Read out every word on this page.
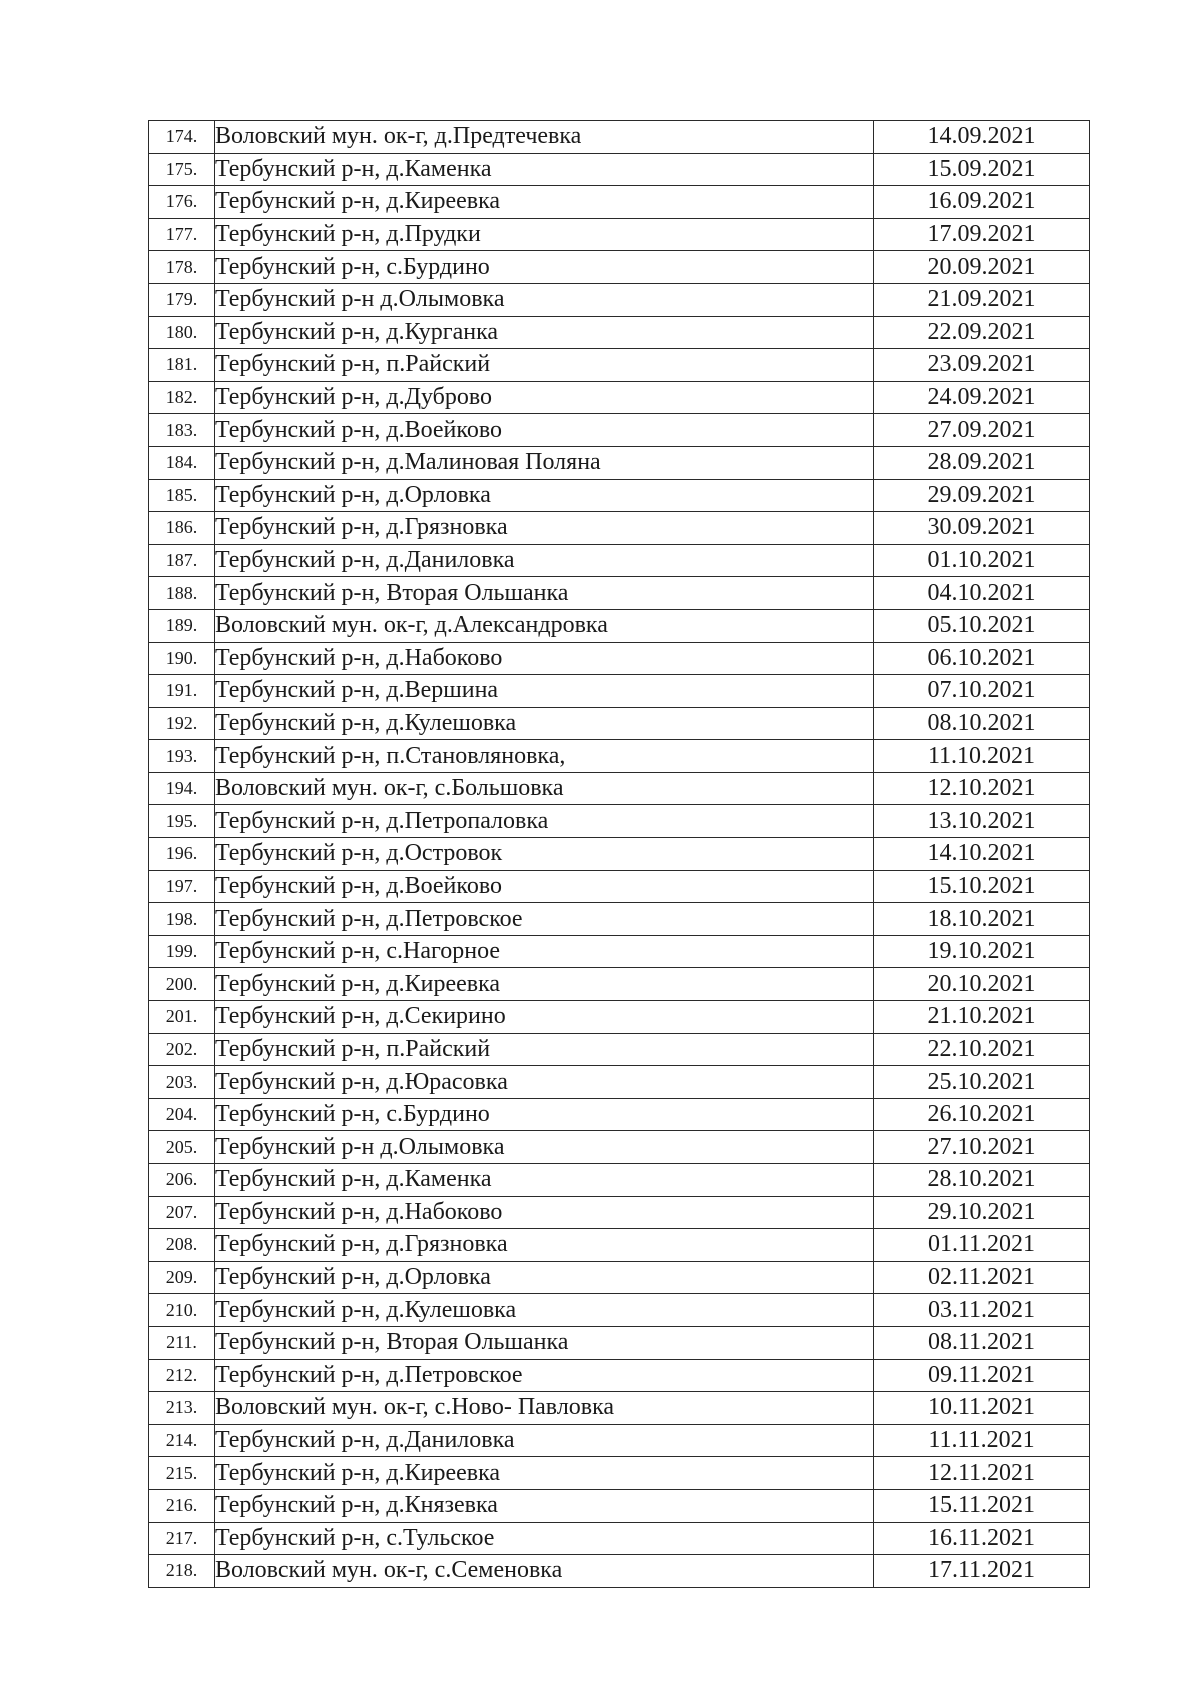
174.	Воловский мун. ок-г, д.Предтечевка	14.09.2021
175.	Тербунский р-н, д.Каменка	15.09.2021
176.	Тербунский р-н, д.Киреевка	16.09.2021
177.	Тербунский р-н, д.Прудки	17.09.2021
178.	Тербунский р-н, с.Бурдино	20.09.2021
179.	Тербунский р-н д.Олымовка	21.09.2021
180.	Тербунский р-н, д.Курганка	22.09.2021
181.	Тербунский р-н, п.Райский	23.09.2021
182.	Тербунский р-н, д.Дуброво	24.09.2021
183.	Тербунский р-н, д.Воейково	27.09.2021
184.	Тербунский р-н, д.Малиновая Поляна	28.09.2021
185.	Тербунский р-н, д.Орловка	29.09.2021
186.	Тербунский р-н, д.Грязновка	30.09.2021
187.	Тербунский р-н, д.Даниловка	01.10.2021
188.	Тербунский р-н, Вторая Ольшанка	04.10.2021
189.	Воловский мун. ок-г, д.Александровка	05.10.2021
190.	Тербунский р-н, д.Набоково	06.10.2021
191.	Тербунский р-н, д.Вершина	07.10.2021
192.	Тербунский р-н, д.Кулешовка	08.10.2021
193.	Тербунский р-н, п.Становляновка,	11.10.2021
194.	Воловский мун. ок-г, с.Большовка	12.10.2021
195.	Тербунский р-н, д.Петропаловка	13.10.2021
196.	Тербунский р-н, д.Островок	14.10.2021
197.	Тербунский р-н, д.Воейково	15.10.2021
198.	Тербунский р-н, д.Петровское	18.10.2021
199.	Тербунский р-н, с.Нагорное	19.10.2021
200.	Тербунский р-н, д.Киреевка	20.10.2021
201.	Тербунский р-н, д.Секирино	21.10.2021
202.	Тербунский р-н, п.Райский	22.10.2021
203.	Тербунский р-н, д.Юрасовка	25.10.2021
204.	Тербунский р-н, с.Бурдино	26.10.2021
205.	Тербунский р-н д.Олымовка	27.10.2021
206.	Тербунский р-н, д.Каменка	28.10.2021
207.	Тербунский р-н, д.Набоково	29.10.2021
208.	Тербунский р-н, д.Грязновка	01.11.2021
209.	Тербунский р-н, д.Орловка	02.11.2021
210.	Тербунский р-н, д.Кулешовка	03.11.2021
211.	Тербунский р-н, Вторая Ольшанка	08.11.2021
212.	Тербунский р-н, д.Петровское	09.11.2021
213.	Воловский мун. ок-г, с.Ново- Павловка	10.11.2021
214.	Тербунский р-н, д.Даниловка	11.11.2021
215.	Тербунский р-н, д.Киреевка	12.11.2021
216.	Тербунский р-н, д.Князевка	15.11.2021
217.	Тербунский р-н, с.Тульское	16.11.2021
218.	Воловский мун. ок-г, с.Семеновка	17.11.2021
